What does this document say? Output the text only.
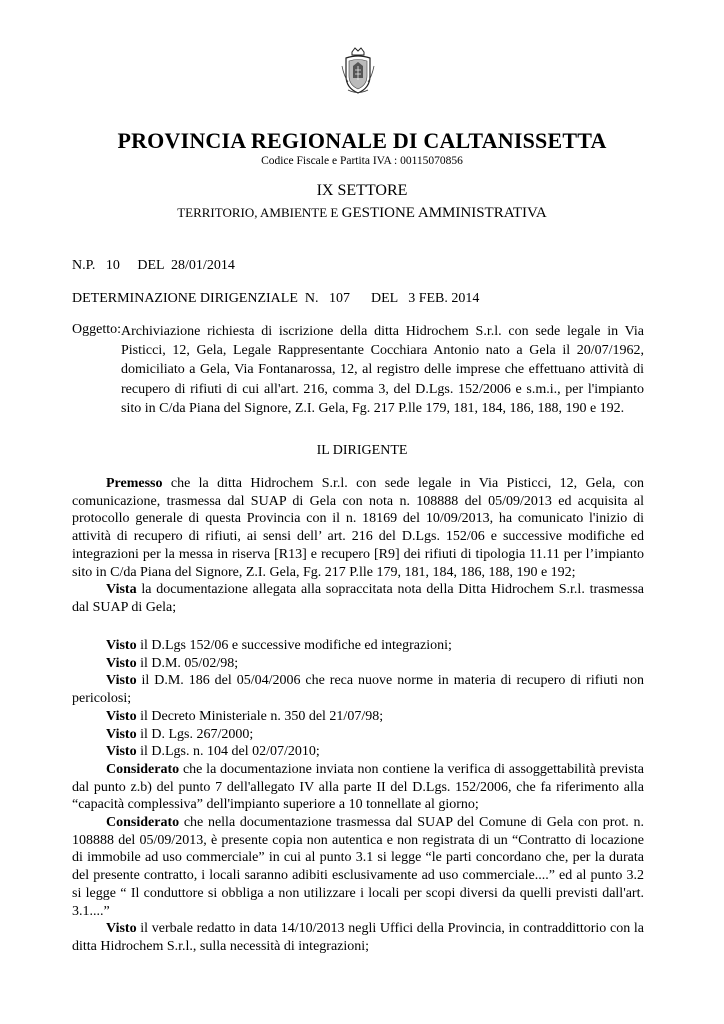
PROVINCIA REGIONALE DI CALTANISSETTA
Codice Fiscale e Partita IVA : 00115070856
IX SETTORE
TERRITORIO, AMBIENTE E GESTIONE AMMINISTRATIVA
N.P.   10     DEL  28/01/2014
DETERMINAZIONE DIRIGENZIALE  N.   107      DEL   3 FEB. 2014
Oggetto: Archiviazione richiesta di iscrizione della ditta Hidrochem S.r.l. con sede legale in Via Pisticci, 12, Gela, Legale Rappresentante Cocchiara Antonio nato a Gela il 20/07/1962, domiciliato a Gela, Via Fontanarossa, 12, al registro delle imprese che effettuano attività di recupero di rifiuti di cui all'art. 216, comma 3, del D.Lgs. 152/2006 e s.m.i., per l'impianto sito in C/da Piana del Signore, Z.I. Gela, Fg. 217 P.lle 179, 181, 184, 186, 188, 190 e 192.
IL DIRIGENTE

Premesso che la ditta Hidrochem S.r.l. con sede legale in Via Pisticci, 12, Gela, con comunicazione, trasmessa dal SUAP di Gela con nota n. 108888 del 05/09/2013 ed acquisita al protocollo generale di questa Provincia con il n. 18169 del 10/09/2013, ha comunicato l'inizio di attività di recupero di rifiuti, ai sensi dell’ art. 216 del D.Lgs. 152/06 e successive modifiche ed integrazioni per la messa in riserva [R13] e recupero [R9] dei rifiuti di tipologia 11.11 per l’impianto sito in C/da Piana del Signore, Z.I. Gela, Fg. 217 P.lle 179, 181, 184, 186, 188, 190 e 192;

Vista la documentazione allegata alla sopraccitata nota della Ditta Hidrochem S.r.l. trasmessa dal SUAP di Gela;

Visto il D.Lgs 152/06 e successive modifiche ed integrazioni;

Visto il D.M. 05/02/98;

Visto il D.M. 186 del 05/04/2006 che reca nuove norme in materia di recupero di rifiuti non pericolosi;

Visto il Decreto Ministeriale n. 350 del 21/07/98;

Visto il D. Lgs. 267/2000;

Visto il D.Lgs. n. 104 del 02/07/2010;

Considerato che la documentazione inviata non contiene la verifica di assoggettabilità prevista dal punto z.b) del punto 7 dell'allegato IV alla parte II del D.Lgs. 152/2006, che fa riferimento alla “capacità complessiva” dell'impianto superiore a 10 tonnellate al giorno;

Considerato che nella documentazione trasmessa dal SUAP del Comune di Gela con prot. n. 108888 del 05/09/2013, è presente copia non autentica e non registrata di un “Contratto di locazione di immobile ad uso commerciale” in cui al punto 3.1 si legge “le parti concordano che, per la durata del presente contratto, i locali saranno adibiti esclusivamente ad uso commerciale....” ed al punto 3.2 si legge “ Il conduttore si obbliga a non utilizzare i locali per scopi diversi da quelli previsti dall'art. 3.1....”

Visto il verbale redatto in data 14/10/2013 negli Uffici della Provincia, in contraddittorio con la ditta Hidrochem S.r.l., sulla necessità di integrazioni;
